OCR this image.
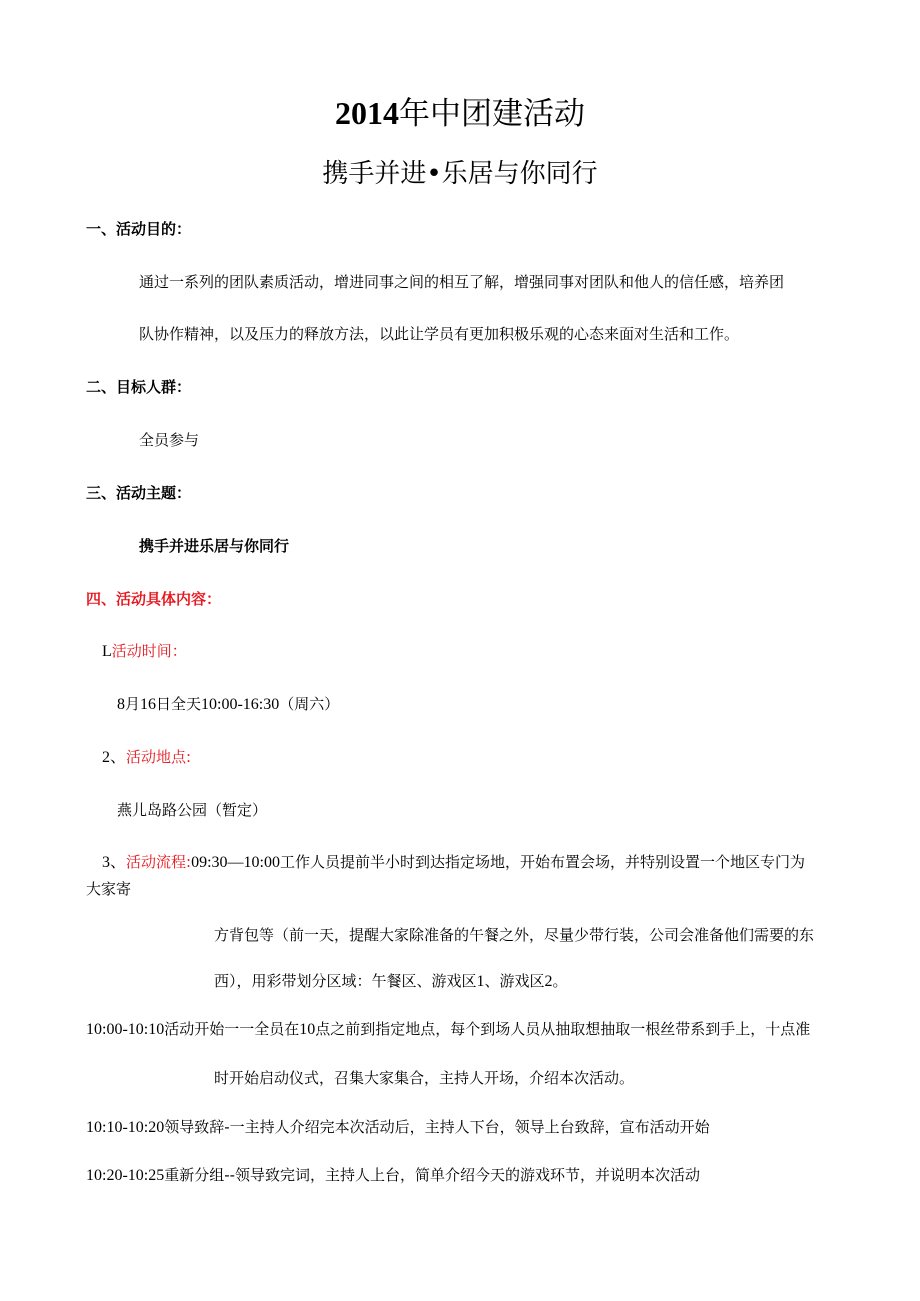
2014年中团建活动
携手并进•乐居与你同行
一、活动目的：
通过一系列的团队素质活动，增进同事之间的相互了解，增强同事对团队和他人的信任感，培养团
队协作精神，以及压力的释放方法，以此让学员有更加积极乐观的心态来面对生活和工作。
二、目标人群：
全员参与
三、活动主题：
携手并进乐居与你同行
四、活动具体内容：
L活动时间：
8月16日全天10:00-16:30（周六）
2、活动地点:
燕儿岛路公园（暂定）
3、活动流程:09:30—10:00工作人员提前半小时到达指定场地，开始布置会场，并特别设置一个地区专门为
大家寄
方背包等（前一天，提醒大家除准备的午餐之外，尽量少带行装，公司会准备他们需要的东
西），用彩带划分区域：午餐区、游戏区1、游戏区2。
10:00-10:10活动开始一一全员在10点之前到指定地点，每个到场人员从抽取想抽取一根丝带系到手上，十点准
时开始启动仪式，召集大家集合，主持人开场，介绍本次活动。
10:10-10:20领导致辞-一主持人介绍完本次活动后，主持人下台，领导上台致辞，宣布活动开始
10:20-10:25重新分组--领导致完词，主持人上台，简单介绍今天的游戏环节，并说明本次活动
